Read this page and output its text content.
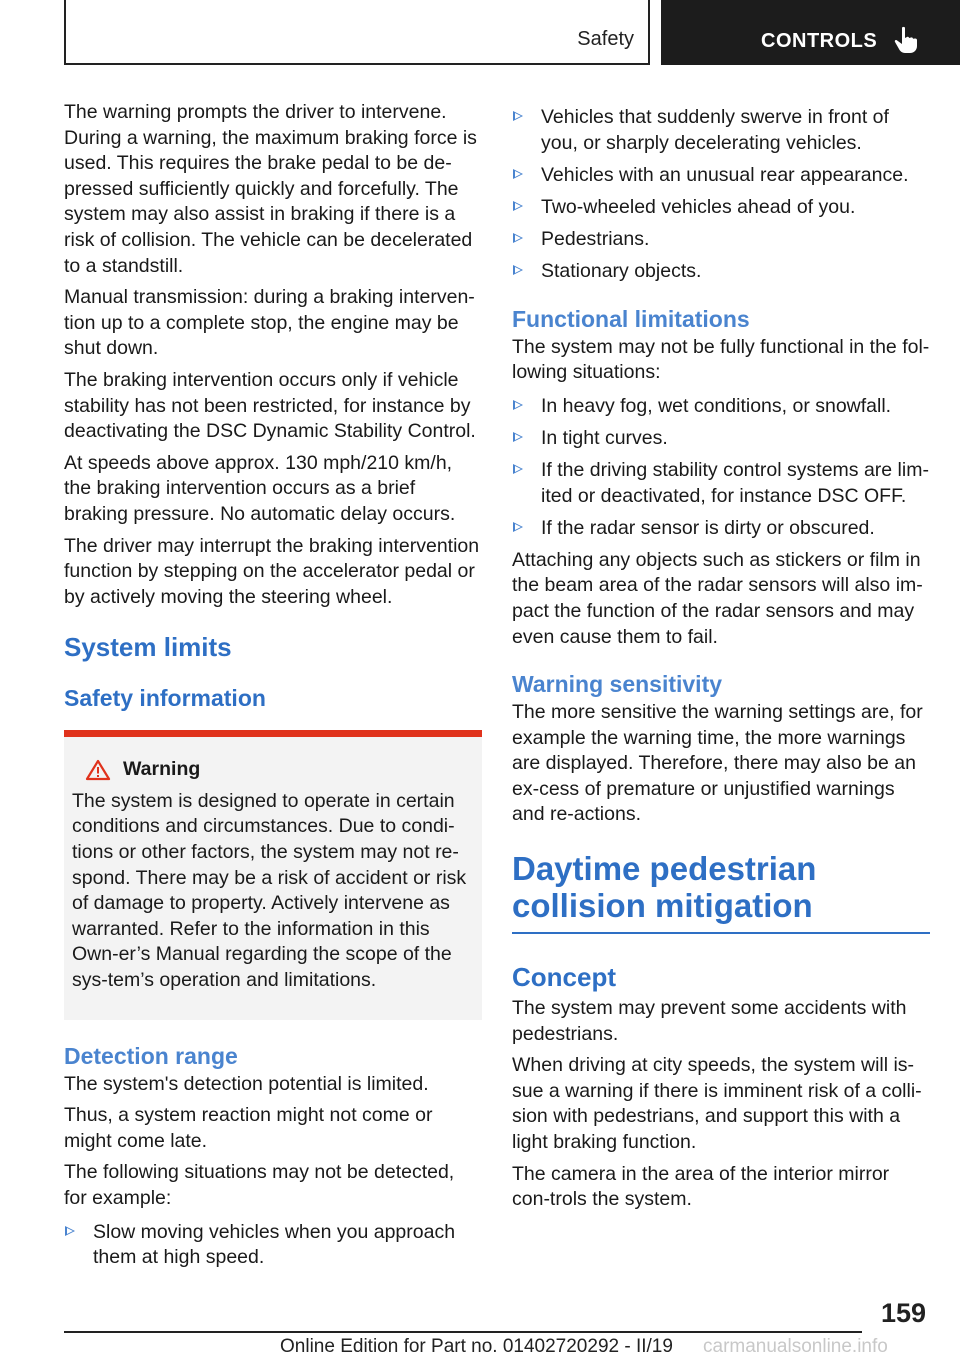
Safety	CONTROLS

The warning prompts the driver to intervene. During a warning, the maximum braking force is used. This requires the brake pedal to be de-pressed sufficiently quickly and forcefully. The system may also assist in braking if there is a risk of collision. The vehicle can be decelerated to a standstill.

Manual transmission: during a braking interven-tion up to a complete stop, the engine may be shut down.

The braking intervention occurs only if vehicle stability has not been restricted, for instance by deactivating the DSC Dynamic Stability Control.

At speeds above approx. 130 mph/210 km/h, the braking intervention occurs as a brief braking pressure. No automatic delay occurs.

The driver may interrupt the braking intervention function by stepping on the accelerator pedal or by actively moving the steering wheel.

System limits
Safety information
Warning

The system is designed to operate in certain conditions and circumstances. Due to condi-tions or other factors, the system may not re-spond. There may be a risk of accident or risk of damage to property. Actively intervene as warranted. Refer to the information in this Own-er’s Manual regarding the scope of the sys-tem’s operation and limitations.

Detection range

The system's detection potential is limited.

Thus, a system reaction might not come or might come late.

The following situations may not be detected, for example:

Slow moving vehicles when you approach them at high speed.
Vehicles that suddenly swerve in front of you, or sharply decelerating vehicles.
Vehicles with an unusual rear appearance.
Two-wheeled vehicles ahead of you.
Pedestrians.
Stationary objects.
Functional limitations

The system may not be fully functional in the fol-lowing situations:

In heavy fog, wet conditions, or snowfall.
In tight curves.
If the driving stability control systems are lim-ited or deactivated, for instance DSC OFF.
If the radar sensor is dirty or obscured.

Attaching any objects such as stickers or film in the beam area of the radar sensors will also im-pact the function of the radar sensors and may even cause them to fail.

Warning sensitivity

The more sensitive the warning settings are, for example the warning time, the more warnings are displayed. Therefore, there may also be an ex-cess of premature or unjustified warnings and re-actions.

Daytime pedestrian collision mitigation
Concept

The system may prevent some accidents with pedestrians.

When driving at city speeds, the system will is-sue a warning if there is imminent risk of a colli-sion with pedestrians, and support this with a light braking function.

The camera in the area of the interior mirror con-trols the system.

159
Online Edition for Part no. 01402720292 - II/19 carmanualsonline.info
